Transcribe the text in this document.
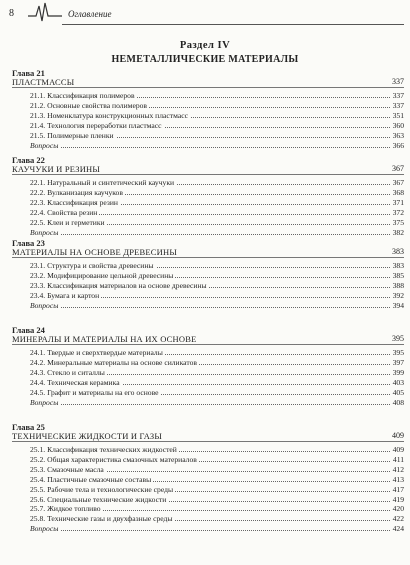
8	Оглавление
Раздел IV
НЕМЕТАЛЛИЧЕСКИЕ МАТЕРИАЛЫ
Глава 21
ПЛАСТМАССЫ	337
21.1. Классификация полимеров	337
21.2. Основные свойства полимеров	337
21.3. Номенклатура конструкционных пластмасс	351
21.4. Технология переработки пластмасс	360
21.5. Полимерные пленки	363
Вопросы	366
Глава 22
КАУЧУКИ И РЕЗИНЫ	367
22.1. Натуральный и синтетический каучуки	367
22.2. Вулканизация каучуков	368
22.3. Классификация резин	371
22.4. Свойства резин	372
22.5. Клеи и герметики	375
Вопросы	382
Глава 23
МАТЕРИАЛЫ НА ОСНОВЕ ДРЕВЕСИНЫ	383
23.1. Структура и свойства древесины	383
23.2. Модифицирование цельной древесины	385
23.3. Классификация материалов на основе древесины	388
23.4. Бумага и картон	392
Вопросы	394
Глава 24
МИНЕРАЛЫ И МАТЕРИАЛЫ НА ИХ ОСНОВЕ	395
24.1. Твердые и сверхтвердые материалы	395
24.2. Минеральные материалы на основе силикатов	397
24.3. Стекло и ситаллы	399
24.4. Техническая керамика	403
24.5. Графит и материалы на его основе	405
Вопросы	408
Глава 25
ТЕХНИЧЕСКИЕ ЖИДКОСТИ И ГАЗЫ	409
25.1. Классификация технических жидкостей	409
25.2. Общая характеристика смазочных материалов	411
25.3. Смазочные масла	412
25.4. Пластичные смазочные составы	413
25.5. Рабочие тела и технологические среды	417
25.6. Специальные технические жидкости	419
25.7. Жидкое топливо	420
25.8. Технические газы и двухфазные среды	422
Вопросы	424
